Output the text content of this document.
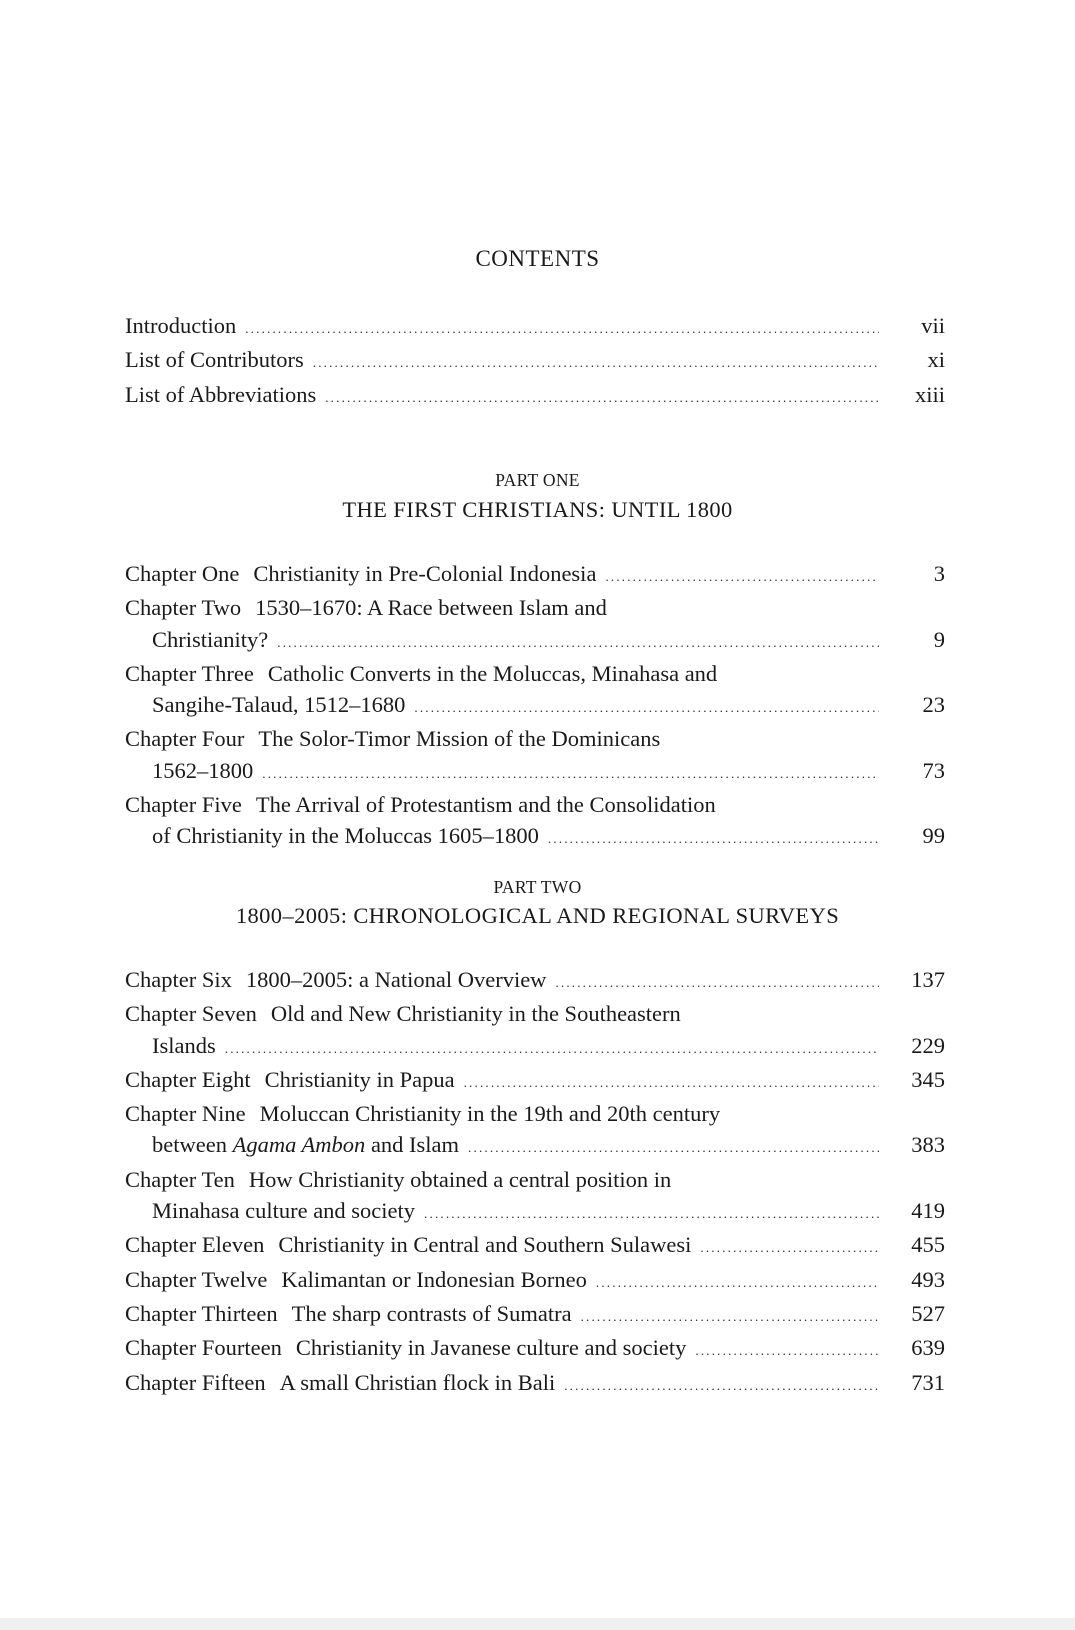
CONTENTS
Introduction .....	vii
List of Contributors .....	xi
List of Abbreviations .....	xiii
PART ONE
THE FIRST CHRISTIANS: UNTIL 1800
Chapter One Christianity in Pre-Colonial Indonesia .....	3
Chapter Two 1530–1670: A Race between Islam and
Christianity? .....	9
Chapter Three Catholic Converts in the Moluccas, Minahasa and
Sangihe-Talaud, 1512–1680 .....	23
Chapter Four The Solor-Timor Mission of the Dominicans
1562–1800 .....	73
Chapter Five The Arrival of Protestantism and the Consolidation
of Christianity in the Moluccas 1605–1800 .....	99
PART TWO
1800–2005: CHRONOLOGICAL AND REGIONAL SURVEYS
Chapter Six 1800–2005: a National Overview .....	137
Chapter Seven Old and New Christianity in the Southeastern
Islands .....	229
Chapter Eight Christianity in Papua .....	345
Chapter Nine Moluccan Christianity in the 19th and 20th century
between Agama Ambon and Islam .....	383
Chapter Ten How Christianity obtained a central position in
Minahasa culture and society .....	419
Chapter Eleven Christianity in Central and Southern Sulawesi .....	455
Chapter Twelve Kalimantan or Indonesian Borneo .....	493
Chapter Thirteen The sharp contrasts of Sumatra .....	527
Chapter Fourteen Christianity in Javanese culture and society .....	639
Chapter Fifteen A small Christian flock in Bali .....	731
